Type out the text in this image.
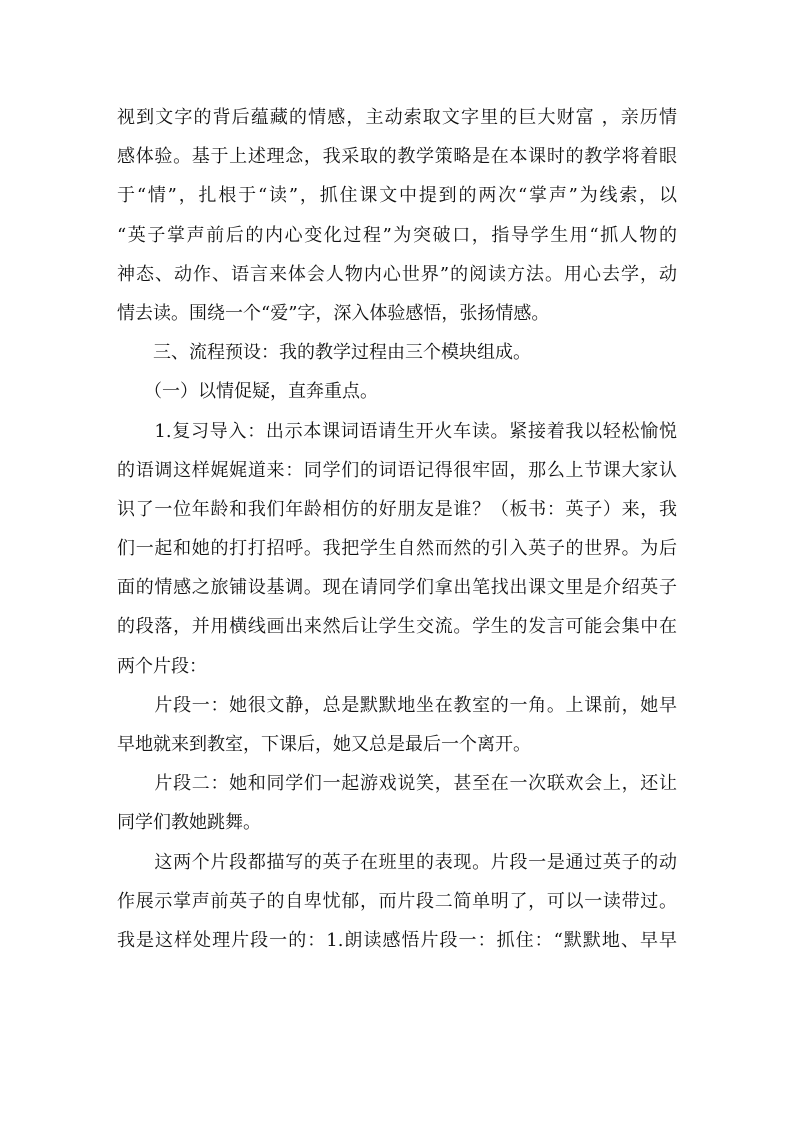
视到文字的背后蕴藏的情感，主动索取文字里的巨大财富 ，亲历情
感体验。基于上述理念，我采取的教学策略是在本课时的教学将着眼
于“情”，扎根于“读”，抓住课文中提到的两次“掌声”为线索，以
“英子掌声前后的内心变化过程”为突破口，指导学生用“抓人物的
神态、动作、语言来体会人物内心世界”的阅读方法。用心去学，动
情去读。围绕一个“爱”字，深入体验感悟，张扬情感。
　　三、流程预设：我的教学过程由三个模块组成。
　　（一）以情促疑，直奔重点。
　　1.复习导入：出示本课词语请生开火车读。紧接着我以轻松愉悦
的语调这样娓娓道来：同学们的词语记得很牢固，那么上节课大家认
识了一位年龄和我们年龄相仿的好朋友是谁？（板书：英子）来，我
们一起和她的打打招呼。我把学生自然而然的引入英子的世界。为后
面的情感之旅铺设基调。现在请同学们拿出笔找出课文里是介绍英子
的段落，并用横线画出来然后让学生交流。学生的发言可能会集中在
两个片段：
　　片段一：她很文静，总是默默地坐在教室的一角。上课前，她早
早地就来到教室，下课后，她又总是最后一个离开。
　　片段二：她和同学们一起游戏说笑，甚至在一次联欢会上，还让
同学们教她跳舞。
　　这两个片段都描写的英子在班里的表现。片段一是通过英子的动
作展示掌声前英子的自卑忧郁，而片段二简单明了，可以一读带过。
我是这样处理片段一的：1.朗读感悟片段一：抓住：“默默地、早早
